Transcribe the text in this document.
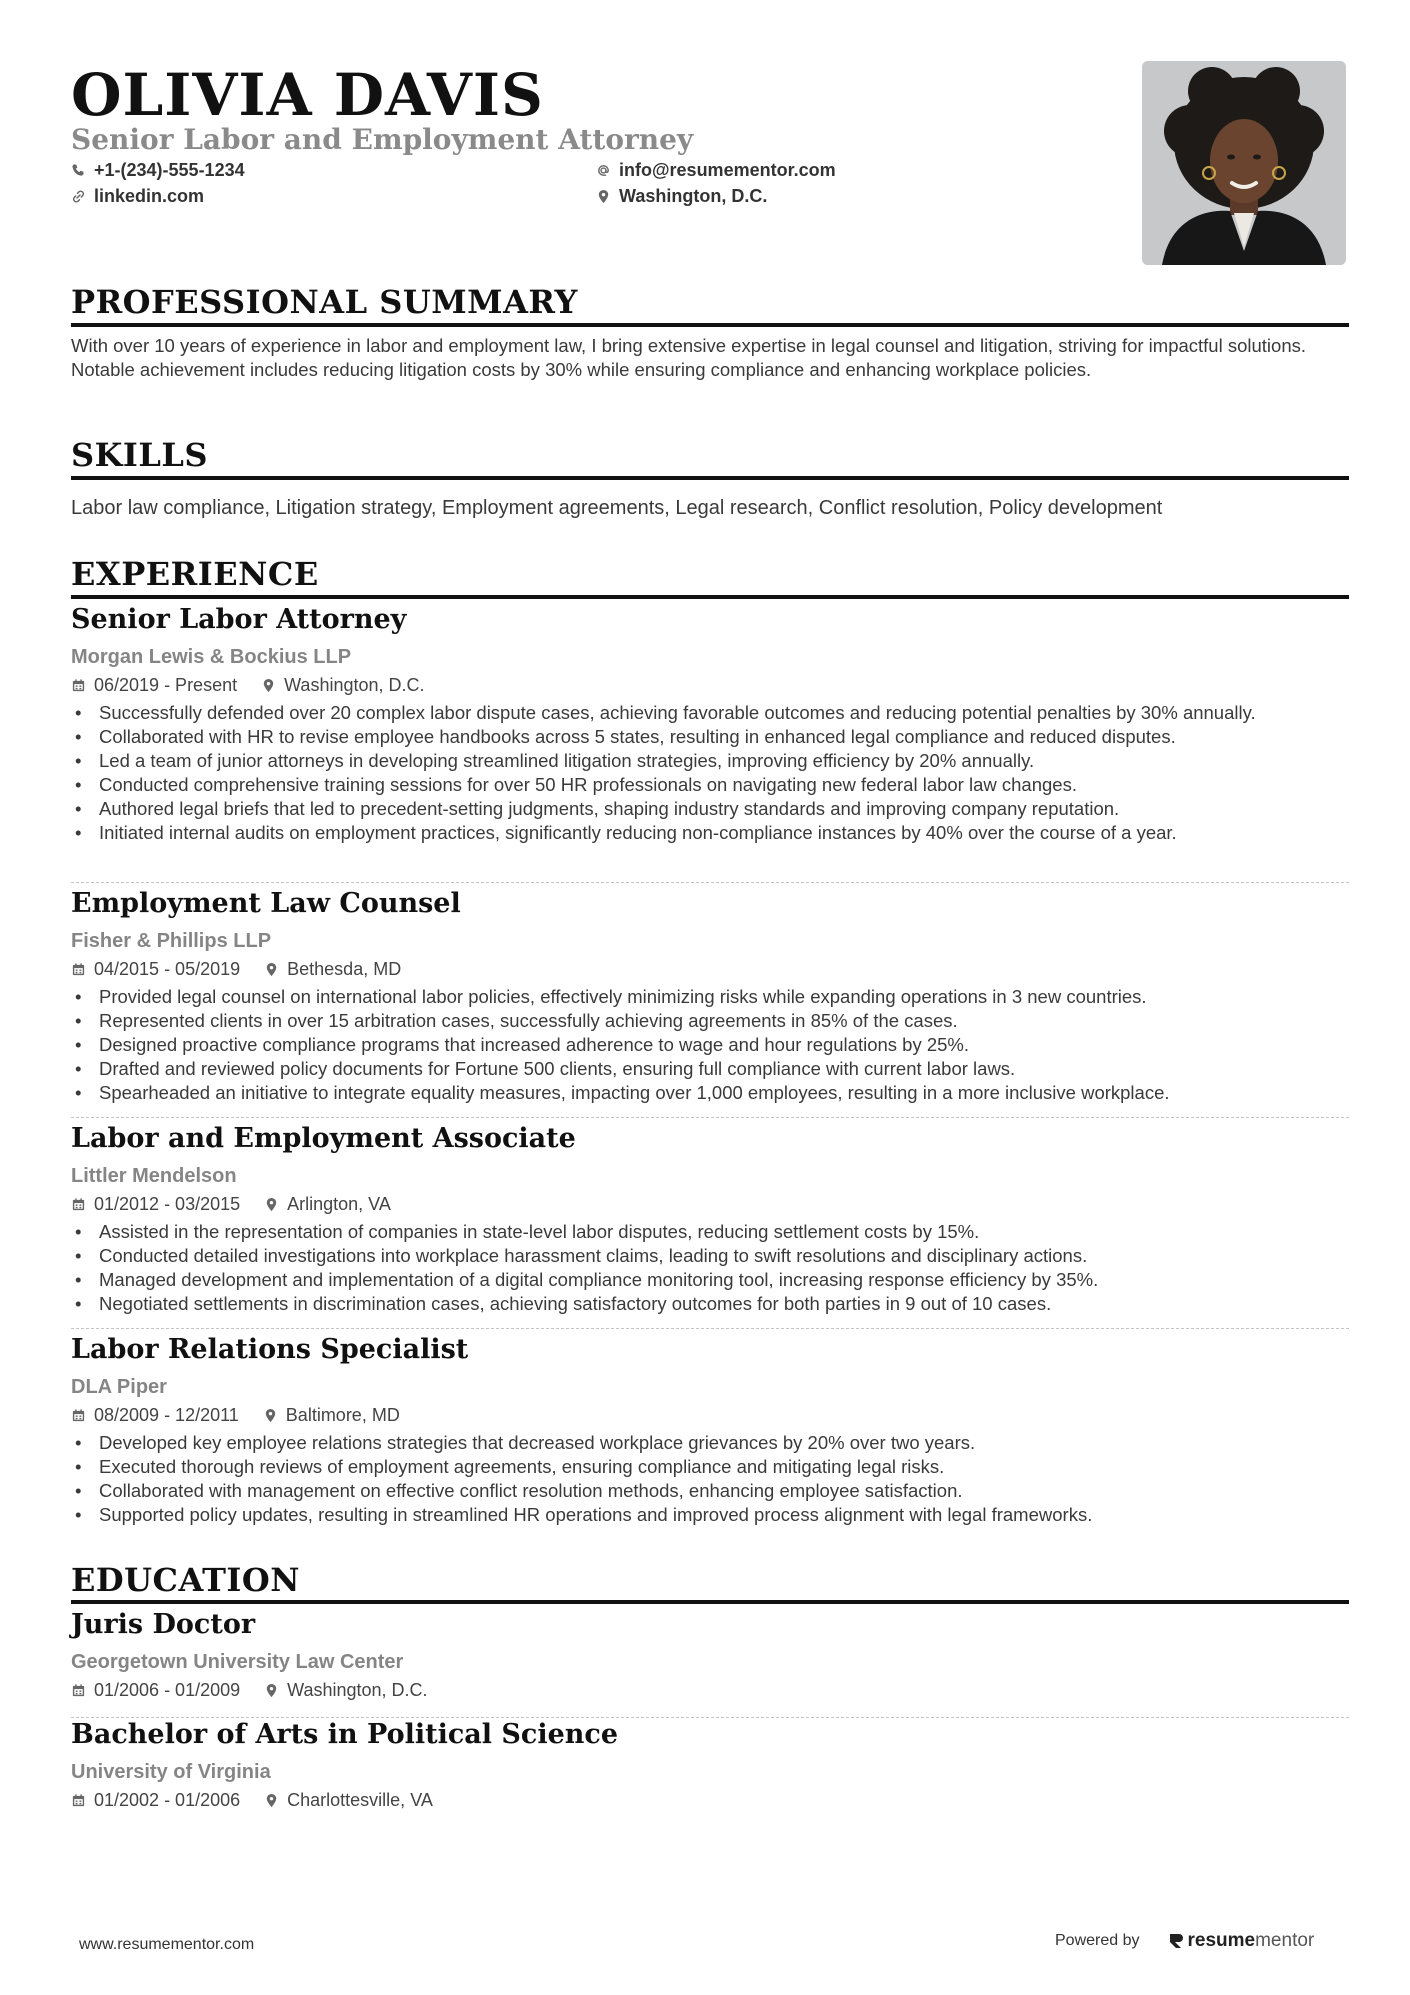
OLIVIA DAVIS
Senior Labor and Employment Attorney
+1-(234)-555-1234
linkedin.com
info@resumementor.com
Washington, D.C.
PROFESSIONAL SUMMARY

With over 10 years of experience in labor and employment law, I bring extensive expertise in legal counsel and litigation, striving for impactful solutions. Notable achievement includes reducing litigation costs by 30% while ensuring compliance and enhancing workplace policies.

SKILLS

Labor law compliance, Litigation strategy, Employment agreements, Legal research, Conflict resolution, Policy development

EXPERIENCE
Senior Labor Attorney
Morgan Lewis & Bockius LLP
06/2019 - Present	Washington, D.C.
• Successfully defended over 20 complex labor dispute cases, achieving favorable outcomes and reducing potential penalties by 30% annually.
• Collaborated with HR to revise employee handbooks across 5 states, resulting in enhanced legal compliance and reduced disputes.
• Led a team of junior attorneys in developing streamlined litigation strategies, improving efficiency by 20% annually.
• Conducted comprehensive training sessions for over 50 HR professionals on navigating new federal labor law changes.
• Authored legal briefs that led to precedent-setting judgments, shaping industry standards and improving company reputation.
• Initiated internal audits on employment practices, significantly reducing non-compliance instances by 40% over the course of a year.
Employment Law Counsel
Fisher & Phillips LLP
04/2015 - 05/2019	Bethesda, MD
• Provided legal counsel on international labor policies, effectively minimizing risks while expanding operations in 3 new countries.
• Represented clients in over 15 arbitration cases, successfully achieving agreements in 85% of the cases.
• Designed proactive compliance programs that increased adherence to wage and hour regulations by 25%.
• Drafted and reviewed policy documents for Fortune 500 clients, ensuring full compliance with current labor laws.
• Spearheaded an initiative to integrate equality measures, impacting over 1,000 employees, resulting in a more inclusive workplace.
Labor and Employment Associate
Littler Mendelson
01/2012 - 03/2015	Arlington, VA
• Assisted in the representation of companies in state-level labor disputes, reducing settlement costs by 15%.
• Conducted detailed investigations into workplace harassment claims, leading to swift resolutions and disciplinary actions.
• Managed development and implementation of a digital compliance monitoring tool, increasing response efficiency by 35%.
• Negotiated settlements in discrimination cases, achieving satisfactory outcomes for both parties in 9 out of 10 cases.
Labor Relations Specialist
DLA Piper
08/2009 - 12/2011	Baltimore, MD
• Developed key employee relations strategies that decreased workplace grievances by 20% over two years.
• Executed thorough reviews of employment agreements, ensuring compliance and mitigating legal risks.
• Collaborated with management on effective conflict resolution methods, enhancing employee satisfaction.
• Supported policy updates, resulting in streamlined HR operations and improved process alignment with legal frameworks.
EDUCATION
Juris Doctor
Georgetown University Law Center
01/2006 - 01/2009	Washington, D.C.
Bachelor of Arts in Political Science
University of Virginia
01/2002 - 01/2006	Charlottesville, VA
www.resumementor.com	Powered by	resume mentor
